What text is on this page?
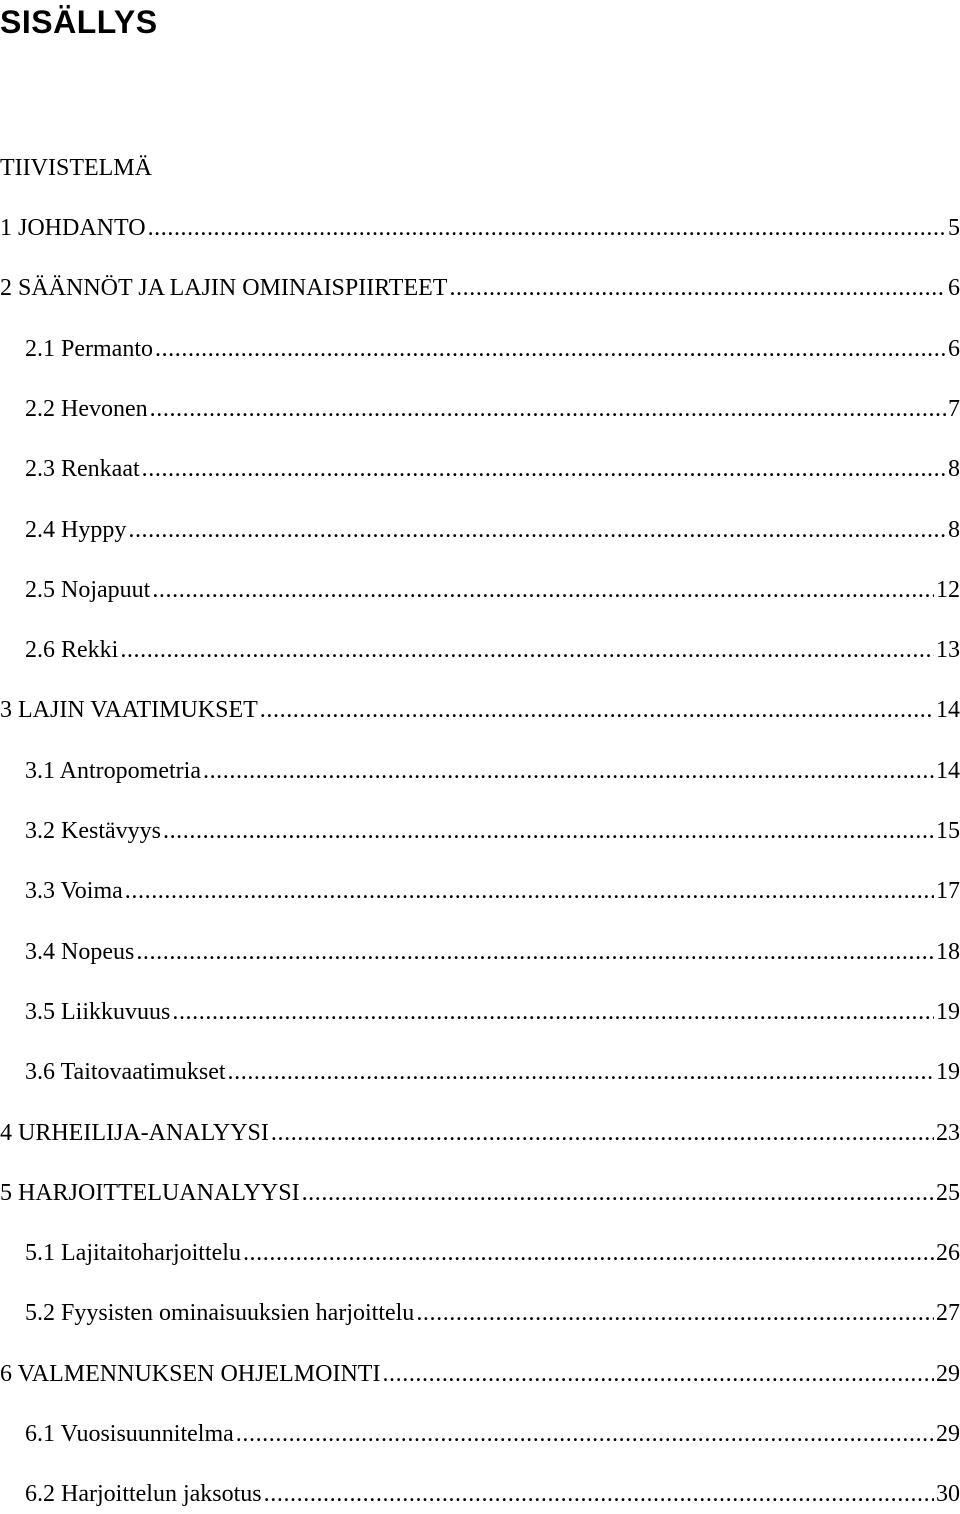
SISÄLLYS
TIIVISTELMÄ
1 JOHDANTO .....	5
2 SÄÄNNÖT JA LAJIN OMINAISPIIRTEET .....	6
2.1 Permanto .....	6
2.2 Hevonen .....	7
2.3 Renkaat .....	8
2.4 Hyppy .....	8
2.5 Nojapuut .....	12
2.6 Rekki .....	13
3 LAJIN VAATIMUKSET .....	14
3.1 Antropometria .....	14
3.2 Kestävyys .....	15
3.3 Voima .....	17
3.4 Nopeus .....	18
3.5 Liikkuvuus .....	19
3.6 Taitovaatimukset .....	19
4 URHEILIJA-ANALYYSI .....	23
5 HARJOITTELUANALYYSI .....	25
5.1 Lajitaitoharjoittelu .....	26
5.2 Fyysisten ominaisuuksien harjoittelu .....	27
6 VALMENNUKSEN OHJELMOINTI .....	29
6.1 Vuosisuunnitelma .....	29
6.2 Harjoittelun jaksotus .....	30
